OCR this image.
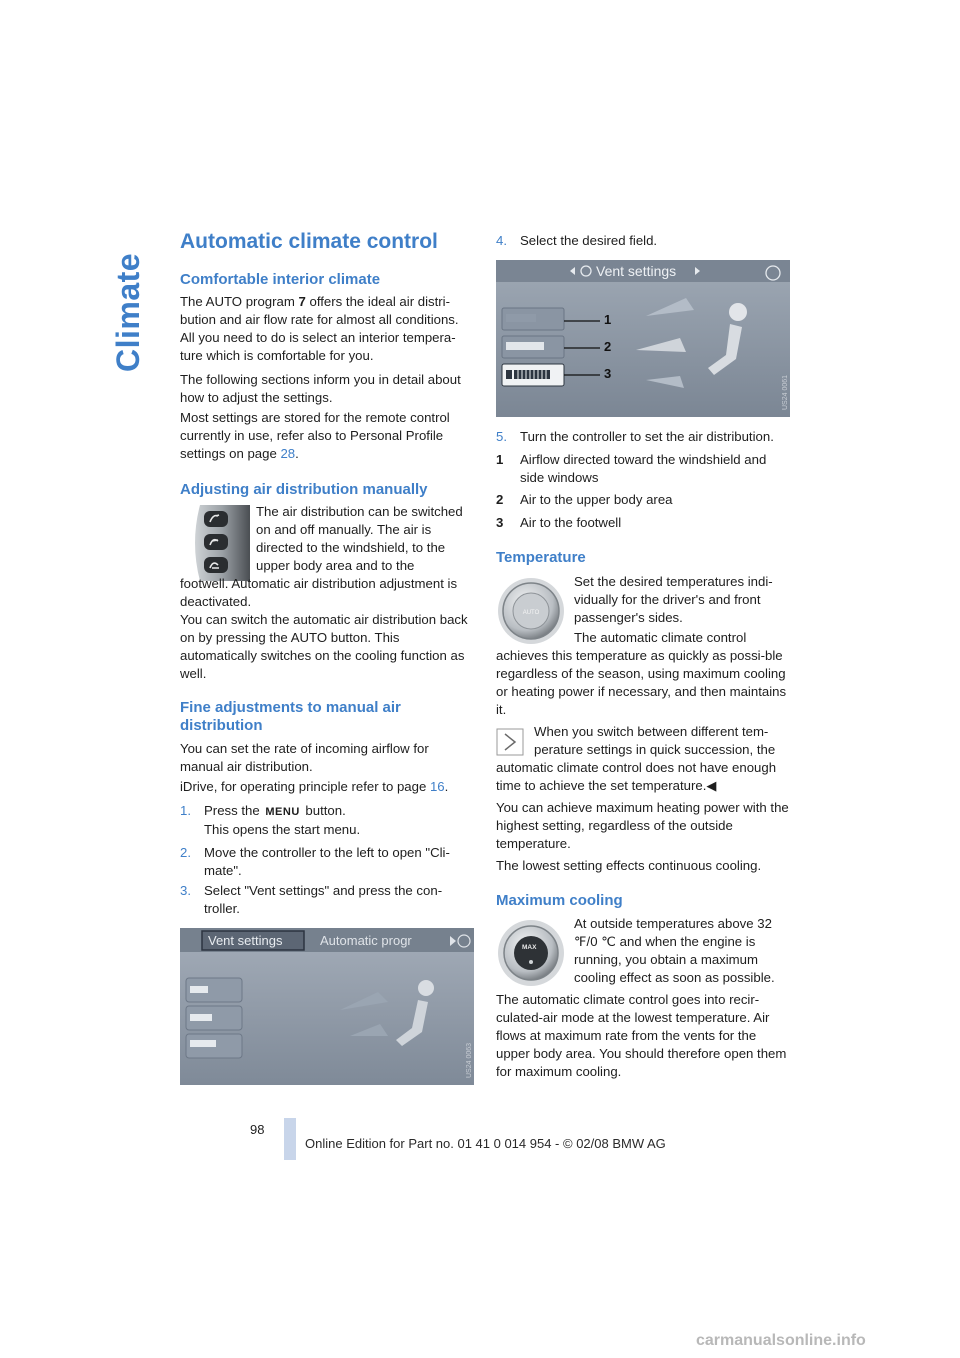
Climate
Automatic climate control
Comfortable interior climate

The AUTO program 7 offers the ideal air distri-bution and air flow rate for almost all conditions. All you need to do is select an interior tempera-ture which is comfortable for you.

The following sections inform you in detail about how to adjust the settings.

Most settings are stored for the remote control currently in use, refer also to Personal Profile settings on page 28.

Adjusting air distribution manually

The air distribution can be switched on and off manually. The air is directed to the windshield, to the upper body area and to the

footwell. Automatic air distribution adjustment is deactivated.

You can switch the automatic air distribution back on by pressing the AUTO button. This automatically switches on the cooling function as well.

Fine adjustments to manual air distribution

You can set the rate of incoming airflow for manual air distribution.

iDrive, for operating principle refer to page 16.

1. Press the MENU button.
This opens the start menu.
2. Move the controller to the left to open "Cli-mate".
3. Select "Vent settings" and press the con-troller.
US24 0063
Vent settings	Automatic progr
4. Select the desired field.
US24 0061
Vent settings
1
2
3
5. Turn the controller to set the air distribution.
1 Airflow directed toward the windshield and side windows
2 Air to the upper body area
3 Air to the footwell
Temperature
AUTO

Set the desired temperatures indi-vidually for the driver's and front passenger's sides.

The automatic climate control

achieves this temperature as quickly as possi-ble regardless of the season, using maximum cooling or heating power if necessary, and then maintains it.

When you switch between different tem-perature settings in quick succession, the

automatic climate control does not have enough time to achieve the set temperature.◀

You can achieve maximum heating power with the highest setting, regardless of the outside temperature.

The lowest setting effects continuous cooling.

Maximum cooling
MAX

At outside temperatures above 32 ℉/0 ℃ and when the engine is running, you obtain a maximum cooling effect as soon as possible.

The automatic climate control goes into recir-culated-air mode at the lowest temperature. Air flows at maximum rate from the vents for the upper body area. You should therefore open them for maximum cooling.

98
Online Edition for Part no. 01 41 0 014 954 - © 02/08 BMW AG
carmanualsonline.info
